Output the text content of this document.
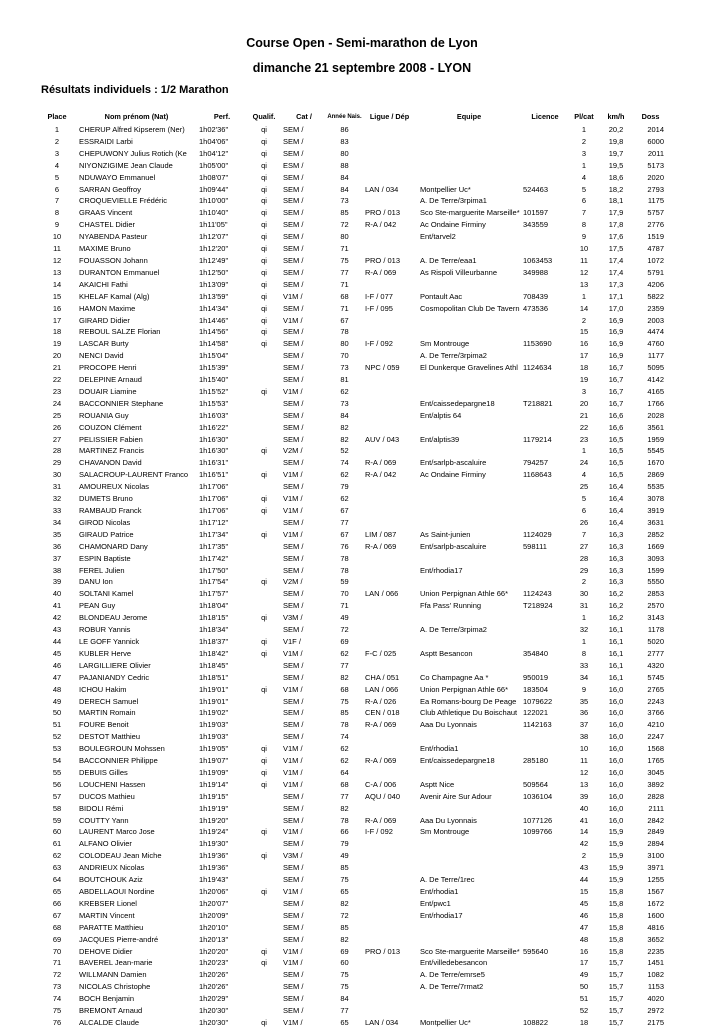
Course Open - Semi-marathon de Lyon
dimanche 21 septembre 2008 - LYON
Résultats individuels : 1/2 Marathon
Place	Nom prénom (Nat)	Perf.	Qualif.	Cat /	Année Nais.	Ligue / Dép	Equipe	Licence	Pl/cat	km/h	Doss
1	CHERUP Alfred Kipserem (Ner)	1h02'36"	qi	SEM /	86				1	20,2	2014
2	ESSRAIDI Larbi	1h04'06"	qi	SEM /	83				2	19,8	6000
3	CHEPUWONY Julius Rotich (Ke	1h04'12"	qi	SEM /	80				3	19,7	2011
4	NIYONZIGIME Jean Claude	1h05'00"	qi	ESM /	88				1	19,5	5173
5	NDUWAYO Emmanuel	1h08'07"	qi	SEM /	84				4	18,6	2020
6	SARRAN Geoffroy	1h09'44"	qi	SEM /	84	LAN / 034	Montpellier Uc*	524463	5	18,2	2793
7	CROQUEVIELLE Frédéric	1h10'00"	qi	SEM /	73		A. De Terre/3rpima1		6	18,1	1175
8	GRAAS Vincent	1h10'40"	qi	SEM /	85	PRO / 013	Sco Ste-marguerite Marseille*	101597	7	17,9	5757
9	CHASTEL Didier	1h11'05"	qi	SEM /	72	R-A / 042	Ac Ondaine Firminy	343559	8	17,8	2776
10	NYABENDA Pasteur	1h12'07"	qi	SEM /	80		Ent/tarvel2		9	17,6	1519
11	MAXIME Bruno	1h12'20"	qi	SEM /	71				10	17,5	4787
12	FOUASSON Johann	1h12'49"	qi	SEM /	75	PRO / 013	A. De Terre/eaa1	1063453	11	17,4	1072
13	DURANTON Emmanuel	1h12'50"	qi	SEM /	77	R-A / 069	As Rispoli Villeurbanne	349988	12	17,4	5791
14	AKAICHI Fathi	1h13'09"	qi	SEM /	71				13	17,3	4206
15	KHELAF Kamal (Alg)	1h13'59"	qi	V1M /	68	I-F / 077	Pontault Aac	708439	1	17,1	5822
16	HAMON Maxime	1h14'34"	qi	SEM /	71	I-F / 095	Cosmopolitan Club De Tavern	473536	14	17,0	2359
17	GIRARD Didier	1h14'46"	qi	V1M /	67				2	16,9	2003
18	REBOUL SALZE Florian	1h14'56"	qi	SEM /	78				15	16,9	4474
19	LASCAR Burty	1h14'58"	qi	SEM /	80	I-F / 092	Sm Montrouge	1153690	16	16,9	4760
20	NENCI David	1h15'04"		SEM /	70		A. De Terre/3rpima2		17	16,9	1177
21	PROCOPE Henri	1h15'39"		SEM /	73	NPC / 059	El Dunkerque Gravelines Athl	1124634	18	16,7	5095
22	DELEPINE Arnaud	1h15'40"		SEM /	81				19	16,7	4142
23	DOUAIR Liamine	1h15'52"	qi	V1M /	62				3	16,7	4165
24	BACCONNIER Stephane	1h15'53"		SEM /	73		Ent/caissedepargne18	T218821	20	16,7	1766
25	ROUANIA Guy	1h16'03"		SEM /	84		Ent/alptis 64		21	16,6	2028
26	COUZON Clément	1h16'22"		SEM /	82				22	16,6	3561
27	PELISSIER Fabien	1h16'30"		SEM /	82	AUV / 043	Ent/alptis39	1179214	23	16,5	1959
28	MARTINEZ Francis	1h16'30"	qi	V2M /	52				1	16,5	5545
29	CHAVANON David	1h16'31"		SEM /	74	R-A / 069	Ent/sarlpb-ascaluire	794257	24	16,5	1670
30	SALACROUP-LAURENT Franco	1h16'51"	qi	V1M /	62	R-A / 042	Ac Ondaine Firminy	1168643	4	16,5	2869
31	AMOUREUX Nicolas	1h17'06"		SEM /	79				25	16,4	5535
32	DUMETS Bruno	1h17'06"	qi	V1M /	62				5	16,4	3078
33	RAMBAUD Franck	1h17'06"	qi	V1M /	67				6	16,4	3919
34	GIROD Nicolas	1h17'12"		SEM /	77				26	16,4	3631
35	GIRAUD Patrice	1h17'34"	qi	V1M /	67	LIM / 087	As Saint-junien	1124029	7	16,3	2852
36	CHAMONARD Dany	1h17'35"		SEM /	76	R-A / 069	Ent/sarlpb-ascaluire	598111	27	16,3	1669
37	ESPIN Baptiste	1h17'42"		SEM /	78				28	16,3	3093
38	FEREL Julien	1h17'50"		SEM /	78		Ent/rhodia17		29	16,3	1599
39	DANU Ion	1h17'54"	qi	V2M /	59				2	16,3	5550
40	SOLTANI Kamel	1h17'57"		SEM /	70	LAN / 066	Union Perpignan Athle 66*	1124243	30	16,2	2853
41	PEAN Guy	1h18'04"		SEM /	71		Ffa Pass' Running	T218924	31	16,2	2570
42	BLONDEAU Jerome	1h18'15"	qi	V3M /	49				1	16,2	3143
43	ROBUR Yannis	1h18'34"		SEM /	72		A. De Terre/3rpima2		32	16,1	1178
44	LE GOFF Yannick	1h18'37"	qi	V1F /	69				1	16,1	5020
45	KUBLER Herve	1h18'42"	qi	V1M /	62	F-C / 025	Asptt Besancon	354840	8	16,1	2777
46	LARGILLIERE Olivier	1h18'45"		SEM /	77				33	16,1	4320
47	PAJANIANDY Cedric	1h18'51"		SEM /	82	CHA / 051	Co Champagne Aa *	950019	34	16,1	5745
48	ICHOU Hakim	1h19'01"	qi	V1M /	68	LAN / 066	Union Perpignan Athle 66*	183504	9	16,0	2765
49	DERECH Samuel	1h19'01"		SEM /	75	R-A / 026	Ea Romans-bourg De Peage	1079622	35	16,0	2243
50	MARTIN Romain	1h19'02"		SEM /	85	CEN / 018	Club Athletique Du Boischaut	122021	36	16,0	3766
51	FOURE Benoit	1h19'03"		SEM /	78	R-A / 069	Aaa Du Lyonnais	1142163	37	16,0	4210
52	DESTOT Matthieu	1h19'03"		SEM /	74				38	16,0	2247
53	BOULEGROUN Mohssen	1h19'05"	qi	V1M /	62		Ent/rhodia1		10	16,0	1568
54	BACCONNIER Philippe	1h19'07"	qi	V1M /	62	R-A / 069	Ent/caissedepargne18	285180	11	16,0	1765
55	DEBUIS Gilles	1h19'09"	qi	V1M /	64				12	16,0	3045
56	LOUCHENI Hassen	1h19'14"	qi	V1M /	68	C-A / 006	Asptt Nice	509564	13	16,0	3892
57	DUCOS Mathieu	1h19'15"		SEM /	77	AQU / 040	Avenir Aire Sur Adour	1036104	39	16,0	2828
58	BIDOLI Rémi	1h19'19"		SEM /	82				40	16,0	2111
59	COUTTY Yann	1h19'20"		SEM /	78	R-A / 069	Aaa Du Lyonnais	1077126	41	16,0	2842
60	LAURENT Marco Jose	1h19'24"	qi	V1M /	66	I-F / 092	Sm Montrouge	1099766	14	15,9	2849
61	ALFANO Olivier	1h19'30"		SEM /	79				42	15,9	2894
62	COLODEAU Jean Miche	1h19'36"	qi	V3M /	49				2	15,9	3100
63	ANDRIEUX Nicolas	1h19'36"		SEM /	85				43	15,9	3971
64	BOUTCHOUK Aziz	1h19'43"		SEM /	75		A. De Terre/1rec		44	15,9	1255
65	ABDELLAOUI Nordine	1h20'06"	qi	V1M /	65		Ent/rhodia1		15	15,8	1567
66	KREBSER Lionel	1h20'07"		SEM /	82		Ent/pwc1		45	15,8	1672
67	MARTIN Vincent	1h20'09"		SEM /	72		Ent/rhodia17		46	15,8	1600
68	PARATTE Matthieu	1h20'10"		SEM /	85				47	15,8	4816
69	JACQUES Pierre-andré	1h20'13"		SEM /	82				48	15,8	3652
70	DEHOVE Didier	1h20'20"	qi	V1M /	69	PRO / 013	Sco Ste-marguerite Marseille*	595640	16	15,8	2235
71	BAVEREL Jean-marie	1h20'23"	qi	V1M /	60		Ent/villedebesancon		17	15,7	1451
72	WILLMANN Damien	1h20'26"		SEM /	75		A. De Terre/emrse5		49	15,7	1082
73	NICOLAS Christophe	1h20'26"		SEM /	75		A. De Terre/7rmat2		50	15,7	1153
74	BOCH Benjamin	1h20'29"		SEM /	84				51	15,7	4020
75	BREMONT Arnaud	1h20'30"		SEM /	77				52	15,7	2972
76	ALCALDE Claude	1h20'30"	qi	V1M /	65	LAN / 034	Montpellier Uc*	108822	18	15,7	2175
